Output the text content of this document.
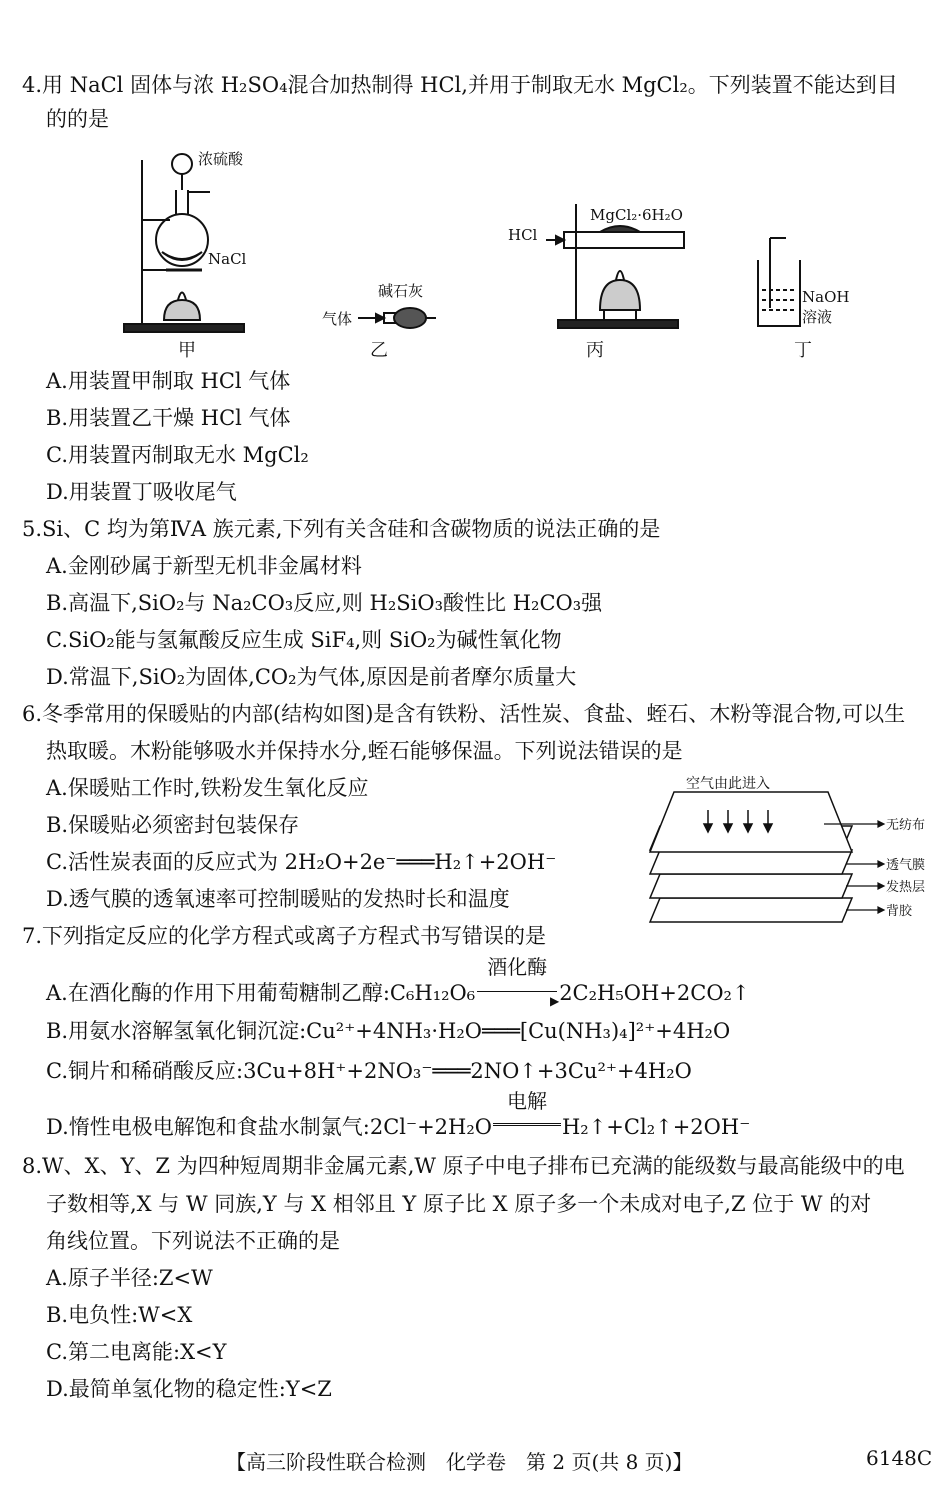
4.用 NaCl 固体与浓 H₂SO₄混合加热制得 HCl,并用于制取无水 MgCl₂。下列装置不能达到目
的的是
浓硫酸
NaCl
碱石灰
气体
HCl
MgCl₂·6H₂O
NaOH
溶液
甲	乙	丙	丁
A.用装置甲制取 HCl 气体
B.用装置乙干燥 HCl 气体
C.用装置丙制取无水 MgCl₂
D.用装置丁吸收尾气
5.Si、C 均为第ⅣA 族元素,下列有关含硅和含碳物质的说法正确的是
A.金刚砂属于新型无机非金属材料
B.高温下,SiO₂与 Na₂CO₃反应,则 H₂SiO₃酸性比 H₂CO₃强
C.SiO₂能与氢氟酸反应生成 SiF₄,则 SiO₂为碱性氧化物
D.常温下,SiO₂为固体,CO₂为气体,原因是前者摩尔质量大
6.冬季常用的保暖贴的内部(结构如图)是含有铁粉、活性炭、食盐、蛭石、木粉等混合物,可以生
热取暖。木粉能够吸水并保持水分,蛭石能够保温。下列说法错误的是
A.保暖贴工作时,铁粉发生氧化反应
B.保暖贴必须密封包装保存
C.活性炭表面的反应式为 2H₂O+2e⁻═══H₂↑+2OH⁻
D.透气膜的透氧速率可控制暖贴的发热时长和温度
空气由此进入
无纺布
透气膜
发热层
背胶
7.下列指定反应的化学方程式或离子方程式书写错误的是
A.在酒化酶的作用下用葡萄糖制乙醇:C₆H₁₂O₆
酒化酶
▶ 2C₂H₅OH+2CO₂↑
B.用氨水溶解氢氧化铜沉淀:Cu²⁺+4NH₃·H₂O═══[Cu(NH₃)₄]²⁺+4H₂O
C.铜片和稀硝酸反应:3Cu+8H⁺+2NO₃⁻═══2NO↑+3Cu²⁺+4H₂O
D.惰性电极电解饱和食盐水制氯气:2Cl⁻+2H₂O
电解
H₂↑+Cl₂↑+2OH⁻
8.W、X、Y、Z 为四种短周期非金属元素,W 原子中电子排布已充满的能级数与最高能级中的电
子数相等,X 与 W 同族,Y 与 X 相邻且 Y 原子比 X 原子多一个未成对电子,Z 位于 W 的对
角线位置。下列说法不正确的是
A.原子半径:Z<W
B.电负性:W<X
C.第二电离能:X<Y
D.最简单氢化物的稳定性:Y<Z
【高三阶段性联合检测　化学卷　第 2 页(共 8 页)】	6148C
